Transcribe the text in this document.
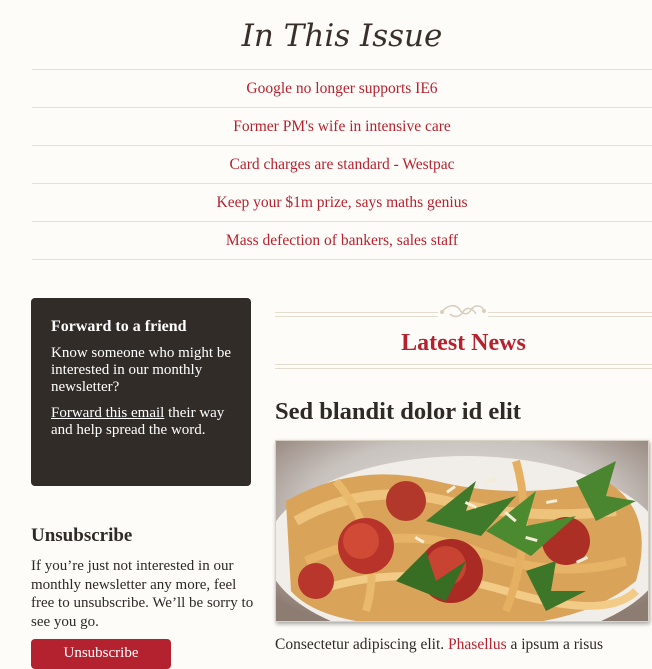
In This Issue
Google no longer supports IE6
Former PM's wife in intensive care
Card charges are standard - Westpac
Keep your $1m prize, says maths genius
Mass defection of bankers, sales staff
Forward to a friend

Know someone who might be interested in our monthly newsletter?

Forward this email their way and help spread the word.

Unsubscribe

If you’re just not interested in our monthly newsletter any more, feel free to unsubscribe. We’ll be sorry to see you go.

Unsubscribe
Latest News
Sed blandit dolor id elit

Consectetur adipiscing elit. Phasellus a ipsum a risus
